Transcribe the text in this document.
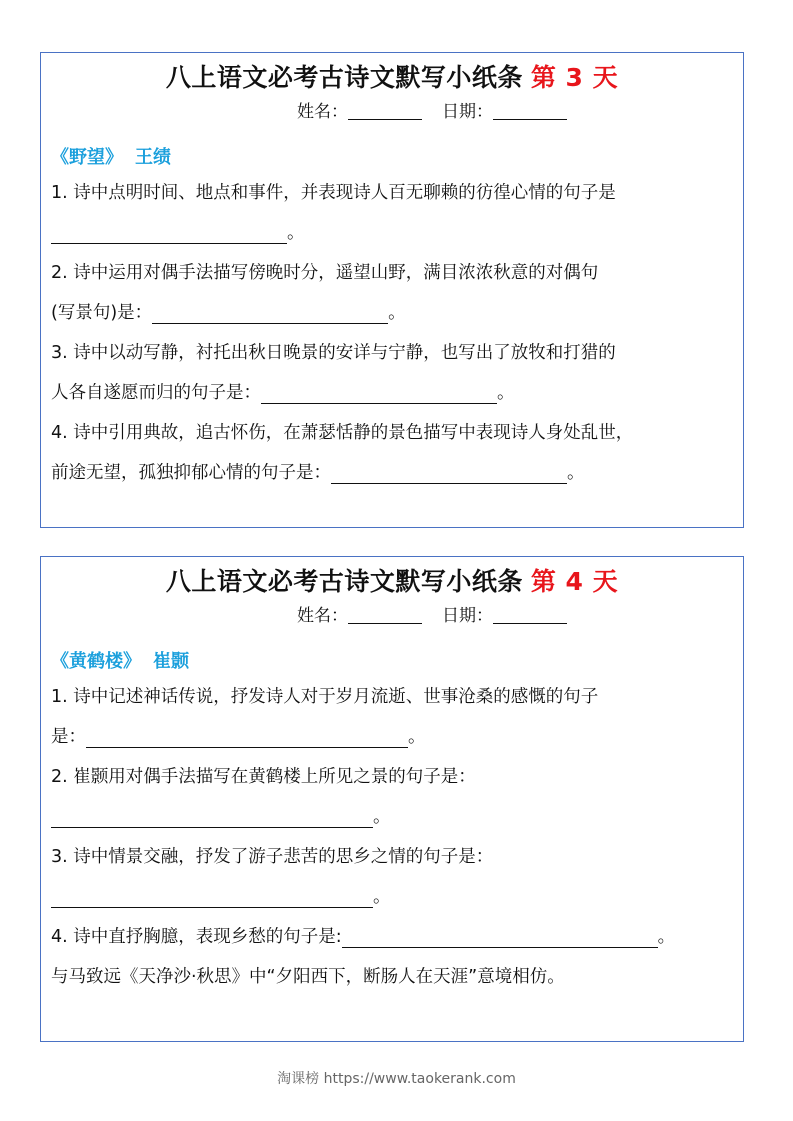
八上语文必考古诗文默写小纸条 第 3 天
姓名：	日期：
《野望》 王绩
1. 诗中点明时间、地点和事件，并表现诗人百无聊赖的彷徨心情的句子是
。
2. 诗中运用对偶手法描写傍晚时分，遥望山野，满目浓浓秋意的对偶句
(写景句)是：	。
3. 诗中以动写静，衬托出秋日晚景的安详与宁静，也写出了放牧和打猎的
人各自遂愿而归的句子是：	。
4. 诗中引用典故，追古怀伤，在萧瑟恬静的景色描写中表现诗人身处乱世，
前途无望，孤独抑郁心情的句子是：	。
八上语文必考古诗文默写小纸条 第 4 天
姓名：	日期：
《黄鹤楼》 崔颢
1. 诗中记述神话传说，抒发诗人对于岁月流逝、世事沧桑的感慨的句子
是：	。
2. 崔颢用对偶手法描写在黄鹤楼上所见之景的句子是：
。
3. 诗中情景交融，抒发了游子悲苦的思乡之情的句子是：
。
4. 诗中直抒胸臆，表现乡愁的句子是:	。
与马致远《天净沙·秋思》中“夕阳西下，断肠人在天涯”意境相仿。
淘课榜 https://www.taokerank.com
